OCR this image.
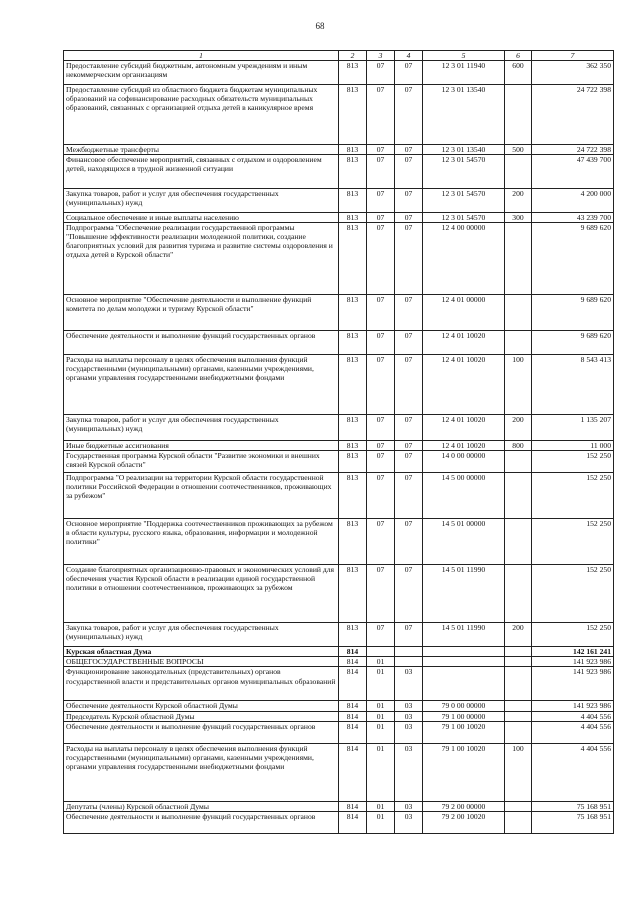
68
1	2	3	4	5	6	7
Предоставление субсидий бюджетным, автономным учреждениям и иным некоммерческим организациям	813	07	07	12 3 01 11940	600	362 350
Предоставление субсидий из областного бюджета бюджетам муниципальных образований на софинансирование расходных обязательств муниципальных образований, связанных с организацией отдыха детей в каникулярное время	813	07	07	12 3 01 13540		24 722 398
Межбюджетные трансферты	813	07	07	12 3 01 13540	500	24 722 398
Финансовое обеспечение мероприятий, связанных с отдыхом и оздоровлением детей, находящихся в трудной жизненной ситуации	813	07	07	12 3 01 54570		47 439 700
Закупка товаров, работ и услуг для обеспечения государственных (муниципальных) нужд	813	07	07	12 3 01 54570	200	4 200 000
Социальное обеспечение и иные выплаты населению	813	07	07	12 3 01 54570	300	43 239 700
Подпрограмма "Обеспечение реализации государственной программы "Повышение эффективности реализации молодежной политики, создание благоприятных условий для развития туризма и развитие системы оздоровления и отдыха детей в Курской области"	813	07	07	12 4 00 00000		9 689 620
Основное мероприятие "Обеспечение деятельности и выполнение функций комитета по делам молодежи и туризму Курской области"	813	07	07	12 4 01 00000		9 689 620
Обеспечение деятельности и выполнение функций государственных органов	813	07	07	12 4 01 10020		9 689 620
Расходы на выплаты персоналу в целях обеспечения выполнения функций государственными (муниципальными) органами, казенными учреждениями, органами управления государственными внебюджетными фондами	813	07	07	12 4 01 10020	100	8 543 413
Закупка товаров, работ и услуг для обеспечения государственных (муниципальных) нужд	813	07	07	12 4 01 10020	200	1 135 207
Иные бюджетные ассигнования	813	07	07	12 4 01 10020	800	11 000
Государственная программа Курской области "Развитие экономики и внешних связей Курской области"	813	07	07	14 0 00 00000		152 250
Подпрограмма "О реализации на территории Курской области государственной политики Российской Федерации в отношении соотечественников, проживающих за рубежом"	813	07	07	14 5 00 00000		152 250
Основное мероприятие "Поддержка соотечественников проживающих за рубежом в области культуры, русского языка, образования, информации и молодежной политики"	813	07	07	14 5 01 00000		152 250
Создание благоприятных организационно-правовых и экономических условий для обеспечения участия Курской области в реализации единой государственной политики в отношении соотечественников, проживающих за рубежом	813	07	07	14 5 01 11990		152 250
Закупка товаров, работ и услуг для обеспечения государственных (муниципальных) нужд	813	07	07	14 5 01 11990	200	152 250
Курская областная Дума	814					142 161 241
ОБЩЕГОСУДАРСТВЕННЫЕ ВОПРОСЫ	814	01				141 923 986
Функционирование законодательных (представительных) органов государственной власти и представительных органов муниципальных образований	814	01	03			141 923 986
Обеспечение деятельности Курской областной Думы	814	01	03	79 0 00 00000		141 923 986
Председатель Курской областной Думы	814	01	03	79 1 00 00000		4 404 556
Обеспечение деятельности и выполнение функций государственных органов	814	01	03	79 1 00 10020		4 404 556
Расходы на выплаты персоналу в целях обеспечения выполнения функций государственными (муниципальными) органами, казенными учреждениями, органами управления государственными внебюджетными фондами	814	01	03	79 1 00 10020	100	4 404 556
Депутаты (члены) Курской областной Думы	814	01	03	79 2 00 00000		75 168 951
Обеспечение деятельности и выполнение функций государственных органов	814	01	03	79 2 00 10020		75 168 951
